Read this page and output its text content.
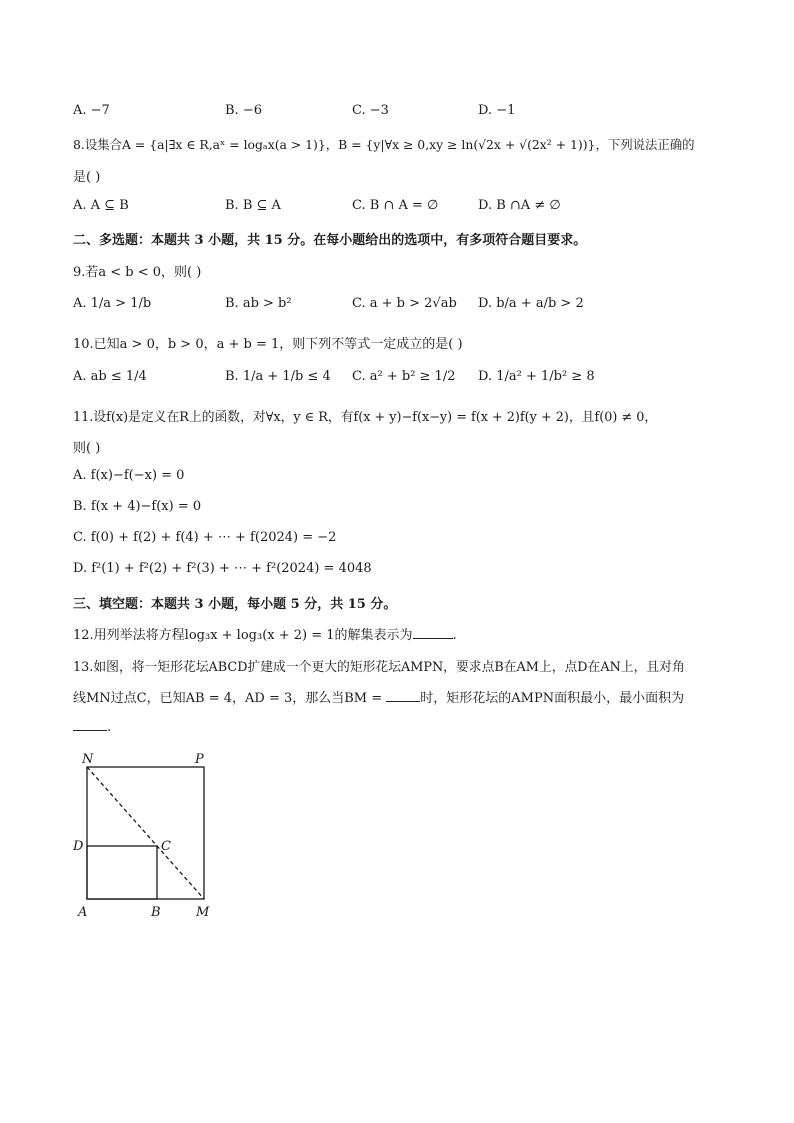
A. −7	B. −6	C. −3	D. −1
8.设集合A = {a|∃x ∈ R,aˣ = logₐx(a > 1)}，B = {y|∀x ≥ 0,xy ≥ ln(√2x + √(2x² + 1))}，下列说法正确的
是( )
A. A ⊆ B	B. B ⊆ A	C. B ∩ A = ∅	D. B ∩A ≠ ∅
二、多选题：本题共 3 小题，共 15 分。在每小题给出的选项中，有多项符合题目要求。
9.若a < b < 0，则( )
A. 1/a > 1/b	B. ab > b²	C. a + b > 2√ab D. b/a + a/b > 2
10.已知a > 0，b > 0，a + b = 1，则下列不等式一定成立的是( )
A. ab ≤ 1/4	B. 1/a + 1/b ≤ 4 C. a² + b² ≥ 1/2 D. 1/a² + 1/b² ≥ 8
11.设f(x)是定义在R上的函数，对∀x，y ∈ R，有f(x + y)−f(x−y) = f(x + 2)f(y + 2)，且f(0) ≠ 0，
则( )
A. f(x)−f(−x) = 0
B. f(x + 4)−f(x) = 0
C. f(0) + f(2) + f(4) + ⋯ + f(2024) = −2
D. f²(1) + f²(2) + f²(3) + ⋯ + f²(2024) = 4048
三、填空题：本题共 3 小题，每小题 5 分，共 15 分。
12.用列举法将方程log₃x + log₃(x + 2) = 1的解集表示为	.
13.如图，将一矩形花坛ABCD扩建成一个更大的矩形花坛AMPN，要求点B在AM上，点D在AN上，且对角
线MN过点C，已知AB = 4，AD = 3，那么当BM =	时，矩形花坛的AMPN面积最小，最小面积为
.
N	P
D	C
A	B	M
